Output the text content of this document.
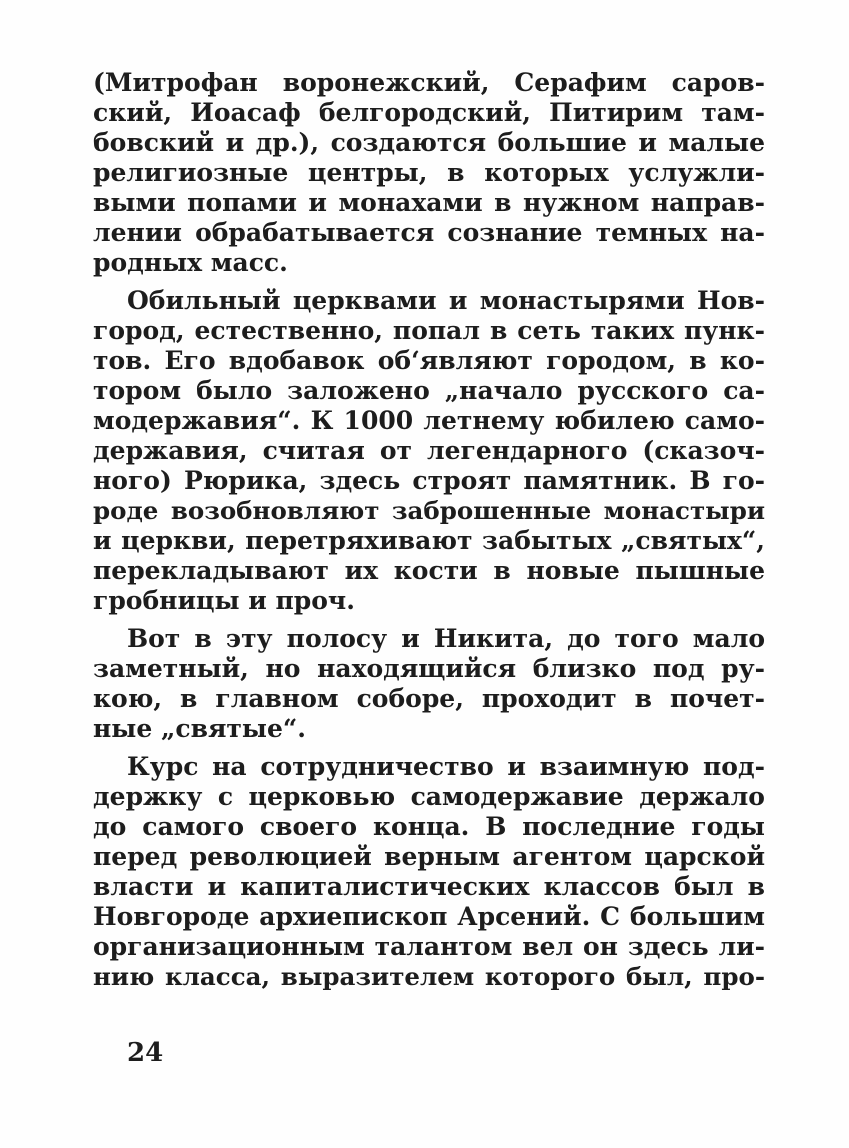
(Митрофан воронежский, Серафим саров-
ский, Иоасаф белгородский, Питирим там-
бовский и др.), создаются большие и малые
религиозные центры, в которых услужли-
выми попами и монахами в нужном направ-
лении обрабатывается сознание темных на-
родных масс.
Обильный церквами и монастырями Нов-
город, естественно, попал в сеть таких пунк-
тов. Его вдобавок об‘являют городом, в ко-
тором было заложено „начало русского са-
модержавия“. К 1000 летнему юбилею само-
державия, считая от легендарного (сказоч-
ного) Рюрика, здесь строят памятник. В го-
роде возобновляют заброшенные монастыри
и церкви, перетряхивают забытых „святых“,
перекладывают их кости в новые пышные
гробницы и проч.
Вот в эту полосу и Никита, до того мало
заметный, но находящийся близко под ру-
кою, в главном соборе, проходит в почет-
ные „святые“.
Курс на сотрудничество и взаимную под-
держку с церковью самодержавие держало
до самого своего конца. В последние годы
перед революцией верным агентом царской
власти и капиталистических классов был в
Новгороде архиепископ Арсений. С большим
организационным талантом вел он здесь ли-
нию класса, выразителем которого был, про-
24
